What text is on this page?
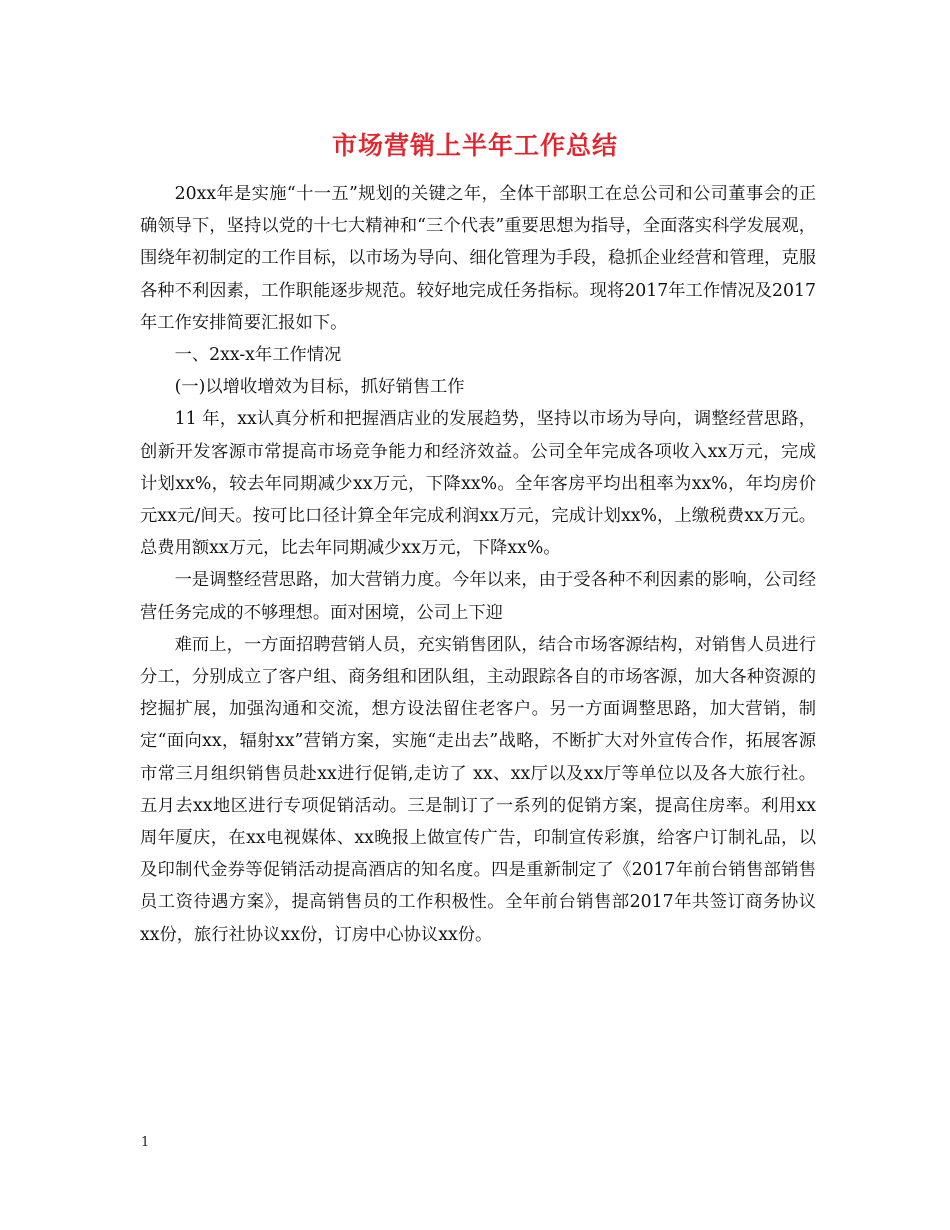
市场营销上半年工作总结

20xx年是实施“十一五”规划的关键之年，全体干部职工在总公司和公司董事会的正确领导下，坚持以党的十七大精神和“三个代表”重要思想为指导，全面落实科学发展观，围绕年初制定的工作目标，以市场为导向、细化管理为手段，稳抓企业经营和管理，克服各种不利因素，工作职能逐步规范。较好地完成任务指标。现将2017年工作情况及2017年工作安排简要汇报如下。

一、2xx-x年工作情况

(一)以增收增效为目标，抓好销售工作

11 年，xx认真分析和把握酒店业的发展趋势，坚持以市场为导向，调整经营思路，创新开发客源市常提高市场竞争能力和经济效益。公司全年完成各项收入xx万元，完成计划xx%，较去年同期减少xx万元，下降xx%。全年客房平均出租率为xx%，年均房价元xx元/间天。按可比口径计算全年完成利润xx万元，完成计划xx%，上缴税费xx万元。总费用额xx万元，比去年同期减少xx万元，下降xx%。

一是调整经营思路，加大营销力度。今年以来，由于受各种不利因素的影响，公司经营任务完成的不够理想。面对困境，公司上下迎

难而上，一方面招聘营销人员，充实销售团队，结合市场客源结构，对销售人员进行分工，分别成立了客户组、商务组和团队组，主动跟踪各自的市场客源，加大各种资源的挖掘扩展，加强沟通和交流，想方设法留住老客户。另一方面调整思路，加大营销，制定“面向xx，辐射xx”营销方案，实施“走出去”战略，不断扩大对外宣传合作，拓展客源市常三月组织销售员赴xx进行促销,走访了 xx、xx厅以及xx厅等单位以及各大旅行社。五月去xx地区进行专项促销活动。三是制订了一系列的促销方案，提高住房率。利用xx周年厦庆，在xx电视媒体、xx晚报上做宣传广告，印制宣传彩旗，给客户订制礼品，以及印制代金券等促销活动提高酒店的知名度。四是重新制定了《2017年前台销售部销售员工资待遇方案》，提高销售员的工作积极性。全年前台销售部2017年共签订商务协议xx份，旅行社协议xx份，订房中心协议xx份。

1
